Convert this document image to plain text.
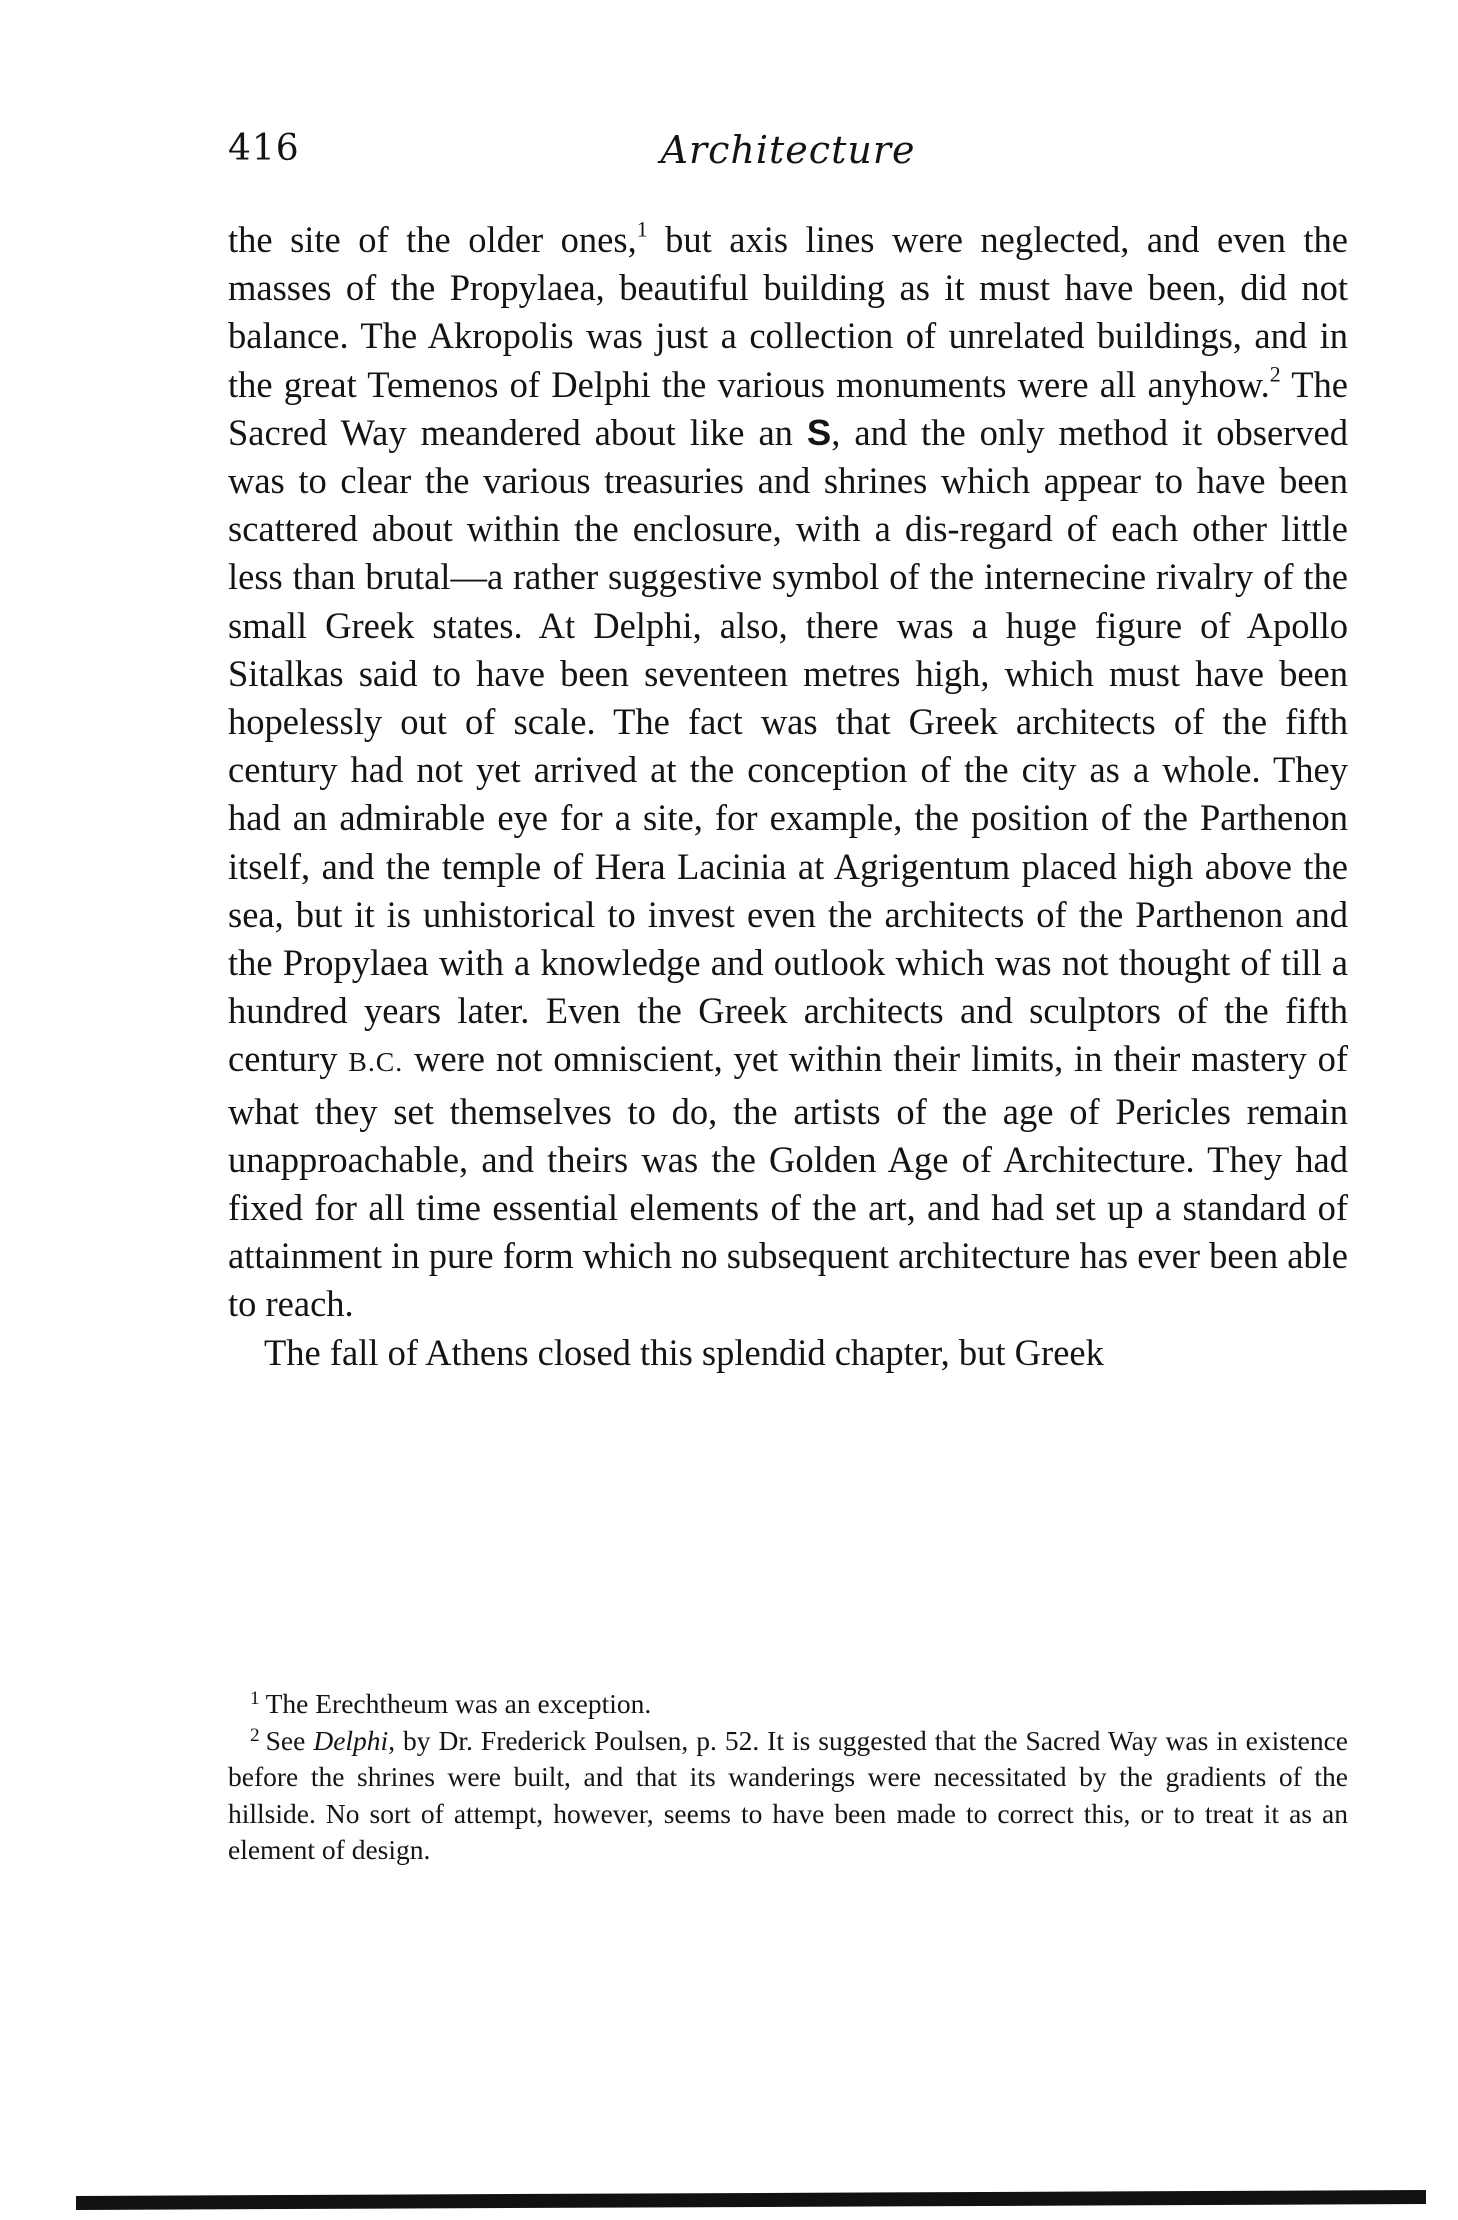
416	Architecture

the site of the older ones,$^1$ but axis lines were neglected, and even the masses of the Propylaea, beautiful building as it must have been, did not balance. The Akropolis was just a collection of unrelated buildings, and in the great Temenos of Delphi the various monuments were all anyhow.$^2$ The Sacred Way meandered about like an S, and the only method it observed was to clear the various treasuries and shrines which appear to have been scattered about within the enclosure, with a dis-regard of each other little less than brutal—a rather suggestive symbol of the internecine rivalry of the small Greek states. At Delphi, also, there was a huge figure of Apollo Sitalkas said to have been seventeen metres high, which must have been hopelessly out of scale. The fact was that Greek architects of the fifth century had not yet arrived at the conception of the city as a whole. They had an admirable eye for a site, for example, the position of the Parthenon itself, and the temple of Hera Lacinia at Agrigentum placed high above the sea, but it is unhistorical to invest even the architects of the Parthenon and the Propylaea with a knowledge and outlook which was not thought of till a hundred years later. Even the Greek architects and sculptors of the fifth century B.C. were not omniscient, yet within their limits, in their mastery of what they set themselves to do, the artists of the age of Pericles remain unapproachable, and theirs was the Golden Age of Architecture. They had fixed for all time essential elements of the art, and had set up a standard of attainment in pure form which no subsequent architecture has ever been able to reach.

The fall of Athens closed this splendid chapter, but Greek

$^1$ The Erechtheum was an exception.

$^2$ See Delphi, by Dr. Frederick Poulsen, p. 52. It is suggested that the Sacred Way was in existence before the shrines were built, and that its wanderings were necessitated by the gradients of the hillside. No sort of attempt, however, seems to have been made to correct this, or to treat it as an element of design.
